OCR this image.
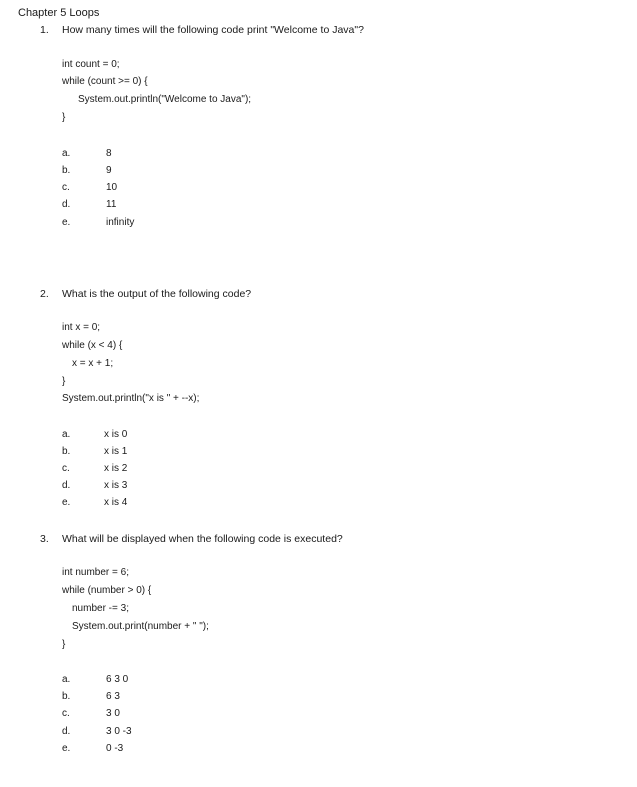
Chapter 5 Loops
1. How many times will the following code print "Welcome to Java"?
int count = 0;
while (count >= 0) {
System.out.println("Welcome to Java");
}
a.	8
b.	9
c.	10
d.	11
e.	infinity
2. What is the output of the following code?
int x = 0;
while (x < 4) {
x = x + 1;
}
System.out.println("x is " + --x);
a.	x is 0
b.	x is 1
c.	x is 2
d.	x is 3
e.	x is 4
3. What will be displayed when the following code is executed?
int number = 6;
while (number > 0) {
number -= 3;
System.out.print(number + " ");
}
a.	6 3 0
b.	6 3
c.	3 0
d.	3 0 -3
e.	0 -3
